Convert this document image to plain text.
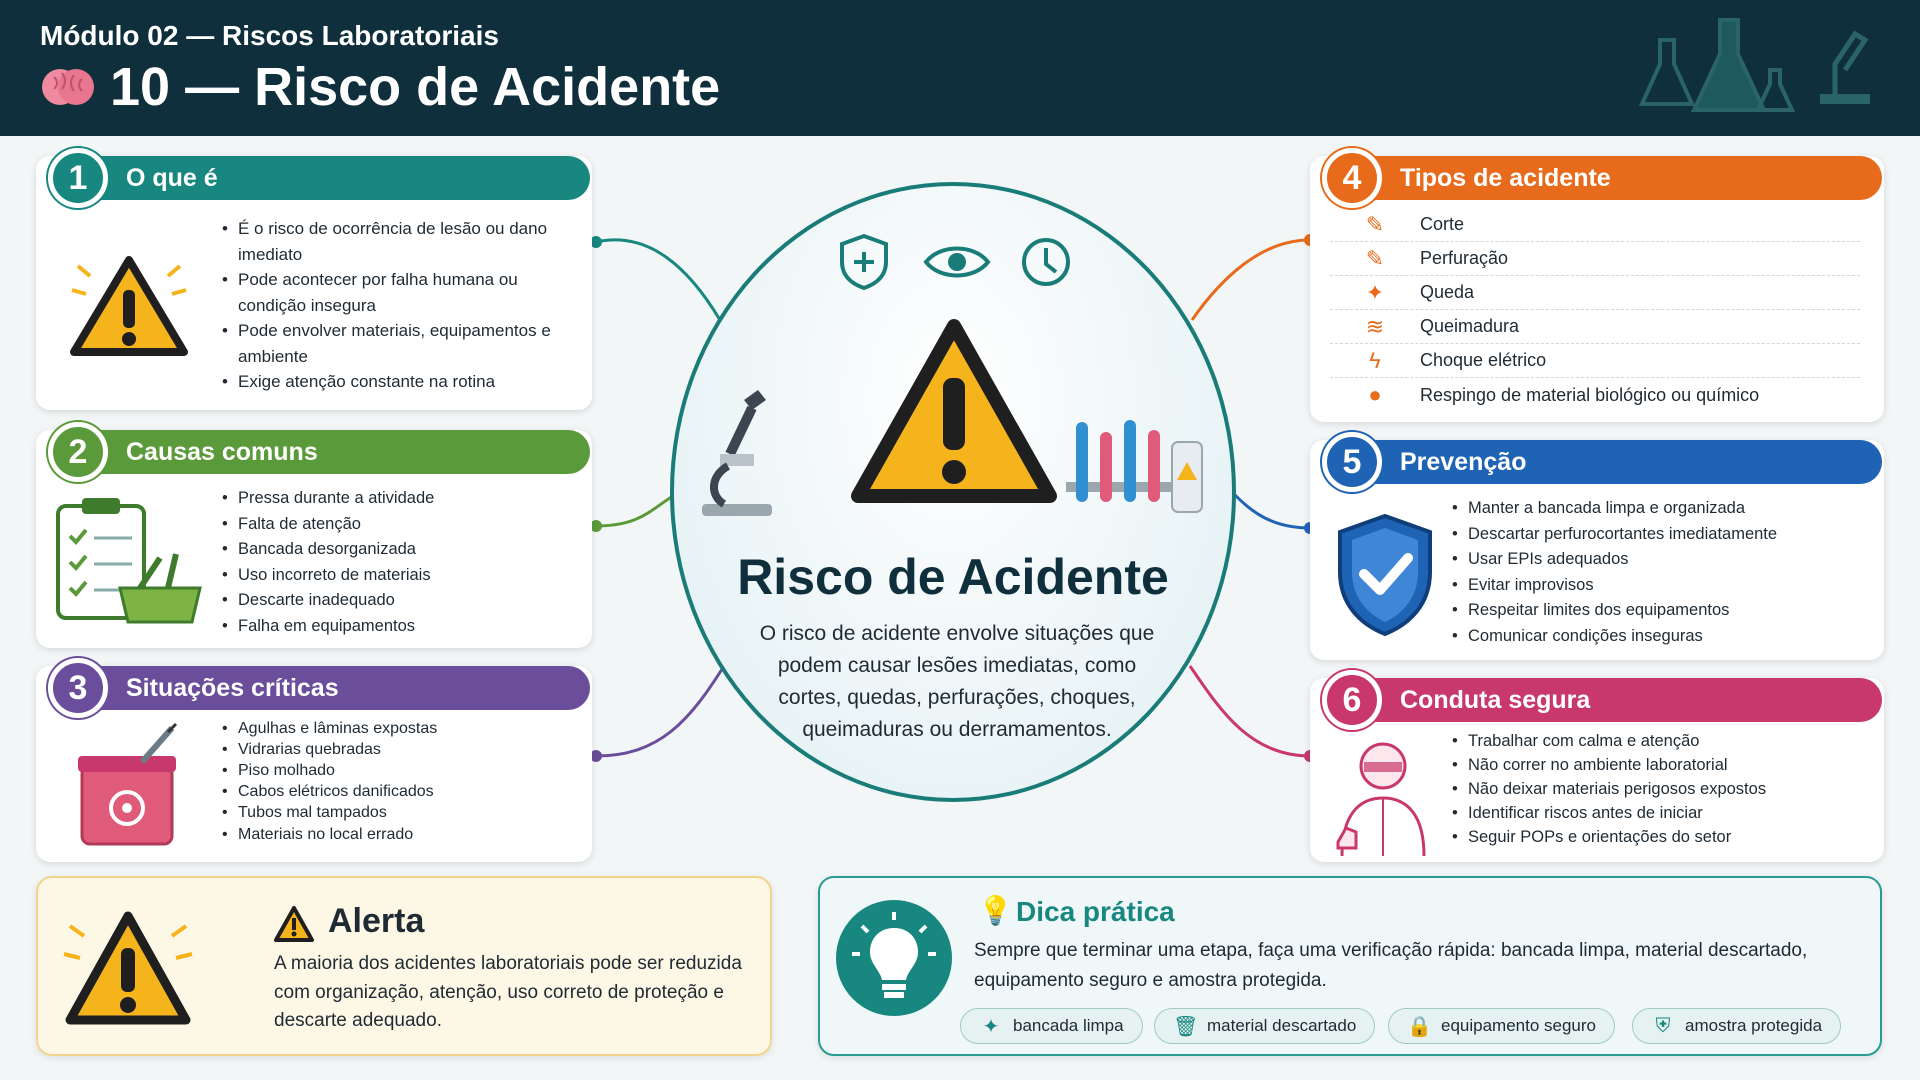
Módulo 02 — Riscos Laboratoriais
10 — Risco de Acidente
1	O que é
• É o risco de ocorrência de lesão ou dano imediato
• Pode acontecer por falha humana ou condição insegura
• Pode envolver materiais, equipamentos e ambiente
• Exige atenção constante na rotina
2	Causas comuns
• Pressa durante a atividade
• Falta de atenção
• Bancada desorganizada
• Uso incorreto de materiais
• Descarte inadequado
• Falha em equipamentos
3	Situações críticas
• Agulhas e lâminas expostas
• Vidrarias quebradas
• Piso molhado
• Cabos elétricos danificados
• Tubos mal tampados
• Materiais no local errado
4	Tipos de acidente
✎	Corte
✎	Perfuração
✦	Queda
≋	Queimadura
ϟ	Choque elétrico
●	Respingo de material biológico ou químico
5	Prevenção
• Manter a bancada limpa e organizada
• Descartar perfurocortantes imediatamente
• Usar EPIs adequados
• Evitar improvisos
• Respeitar limites dos equipamentos
• Comunicar condições inseguras
6	Conduta segura
• Trabalhar com calma e atenção
• Não correr no ambiente laboratorial
• Não deixar materiais perigosos expostos
• Identificar riscos antes de iniciar
• Seguir POPs e orientações do setor
Risco de Acidente
O risco de acidente envolve situações que podem causar lesões imediatas, como cortes, quedas, perfurações, choques, queimaduras ou derramamentos.
Alerta
A maioria dos acidentes laboratoriais pode ser reduzida com organização, atenção, uso correto de proteção e descarte adequado.
💡 Dica prática
Sempre que terminar uma etapa, faça uma verificação rápida: bancada limpa, material descartado, equipamento seguro e amostra protegida.
✦ bancada limpa 🗑 material descartado	🔒 equipamento seguro	⛨ amostra protegida
